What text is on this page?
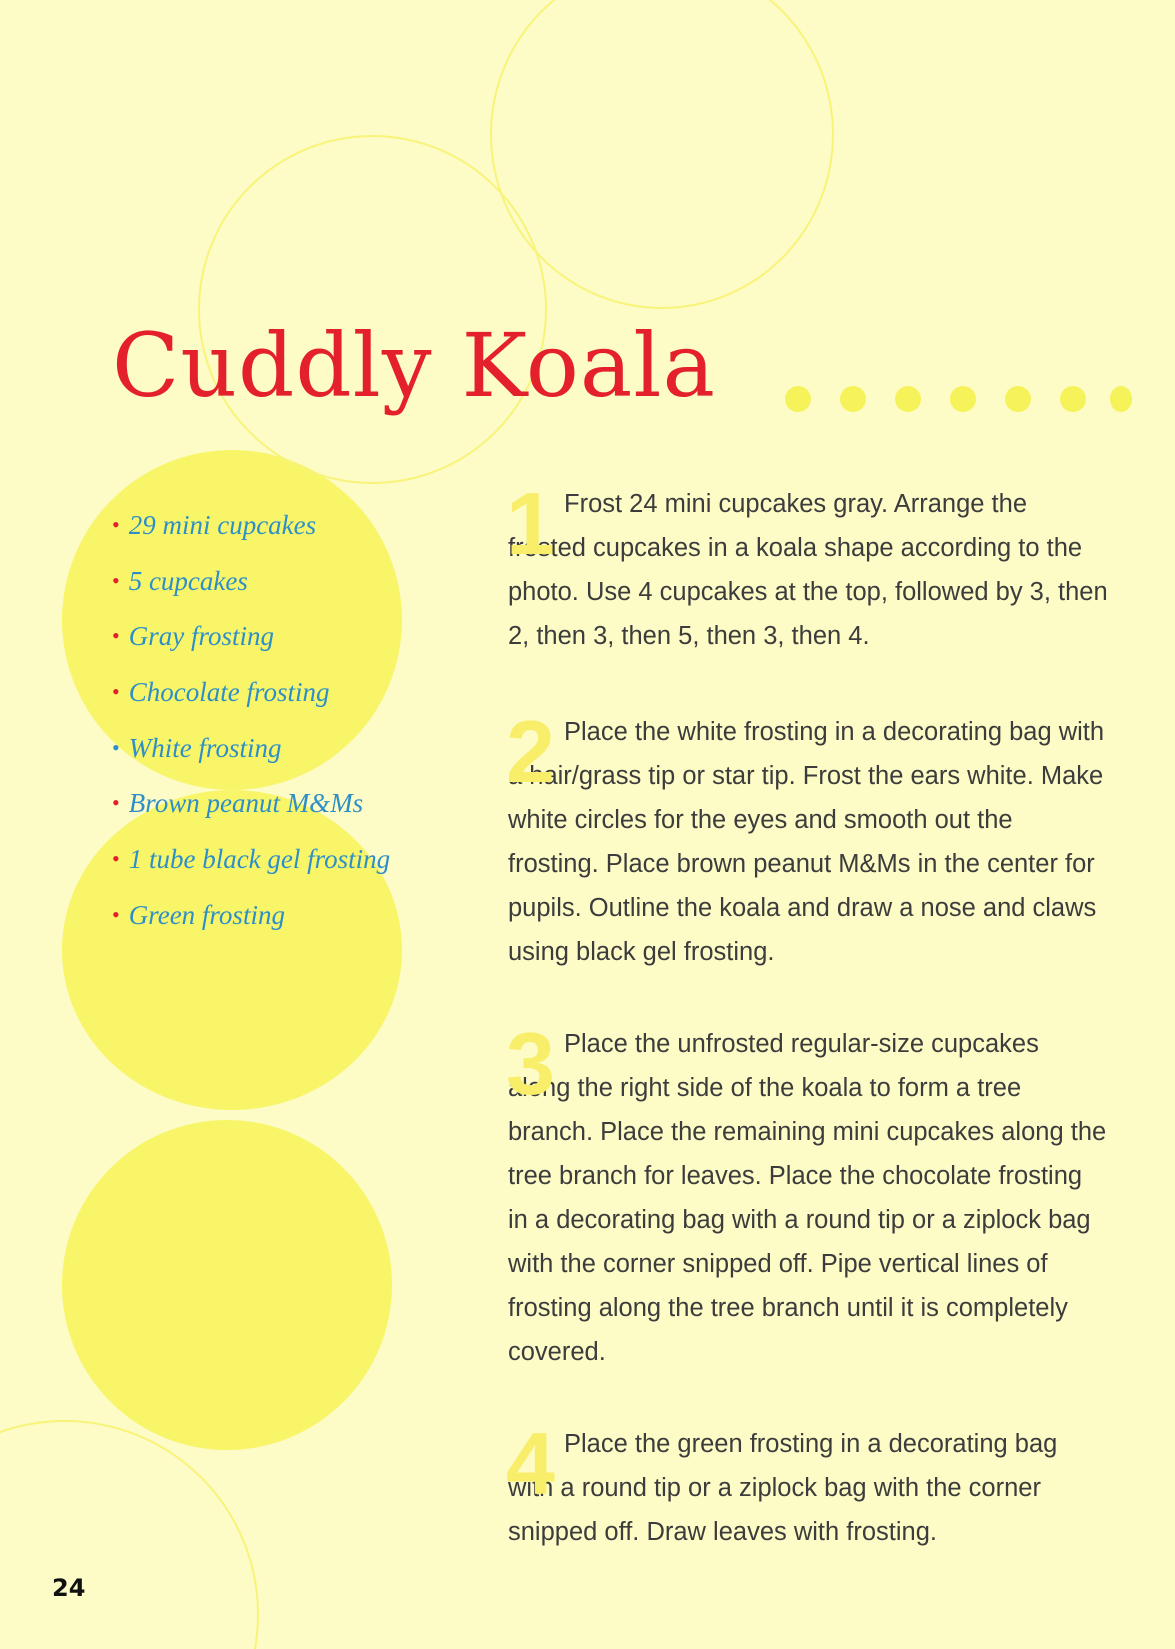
Cuddly Koala
• 29 mini cupcakes
• 5 cupcakes
• Gray frosting
• Chocolate frosting
• White frosting
• Brown peanut M&Ms
• 1 tube black gel frosting
• Green frosting
1 Frost 24 mini cupcakes gray. Arrange the frosted cupcakes in a koala shape according to the photo. Use 4 cupcakes at the top, followed by 3, then 2, then 3, then 5, then 3, then 4.

2 Place the white frosting in a decorating bag with a hair/grass tip or star tip. Frost the ears white. Make white circles for the eyes and smooth out the frosting. Place brown peanut M&Ms in the center for pupils. Outline the koala and draw a nose and claws using black gel frosting.

3 Place the unfrosted regular-size cupcakes along the right side of the koala to form a tree branch. Place the remaining mini cupcakes along the tree branch for leaves. Place the chocolate frosting in a decorating bag with a round tip or a ziplock bag with the corner snipped off. Pipe vertical lines of frosting along the tree branch until it is completely covered.

4 Place the green frosting in a decorating bag with a round tip or a ziplock bag with the corner snipped off. Draw leaves with frosting.

24
